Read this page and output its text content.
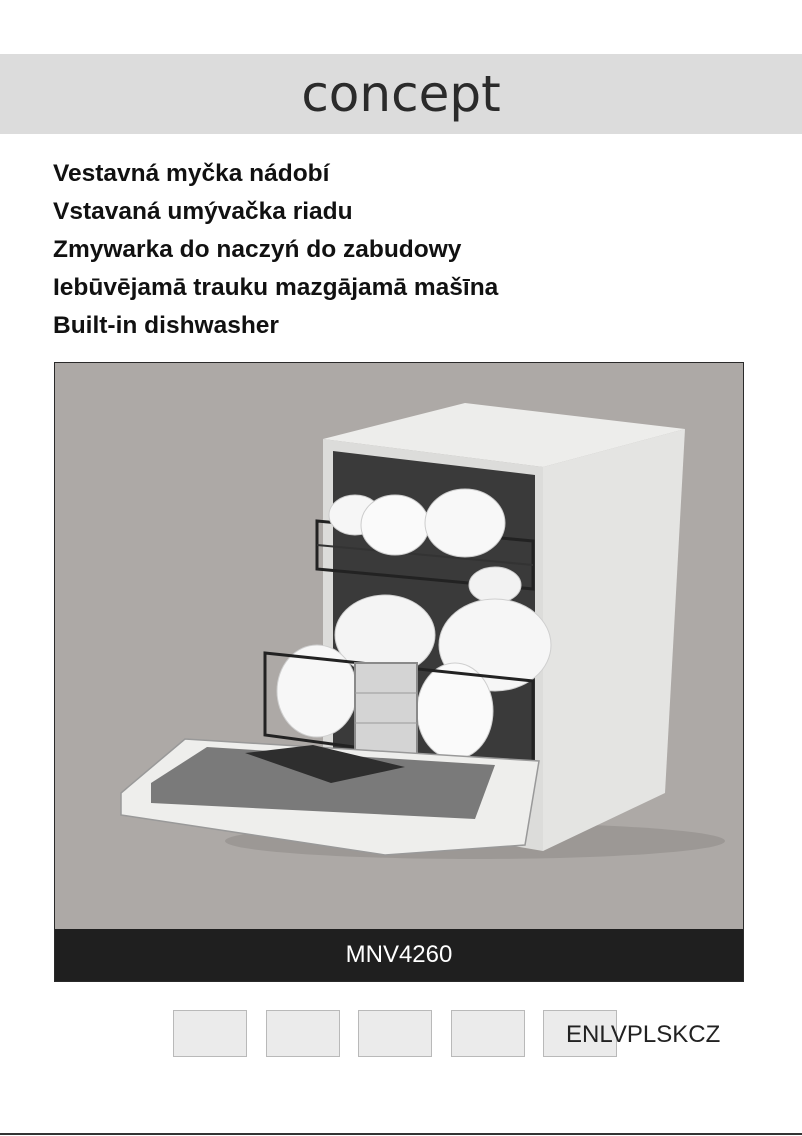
concept
Vestavná myčka nádobí
Vstavaná umývačka riadu
Zmywarka do naczyń do zabudowy
Iebūvējamā trauku mazgājamā mašīna
Built-in dishwasher
MNV4260
ENLVPLSKCZ
